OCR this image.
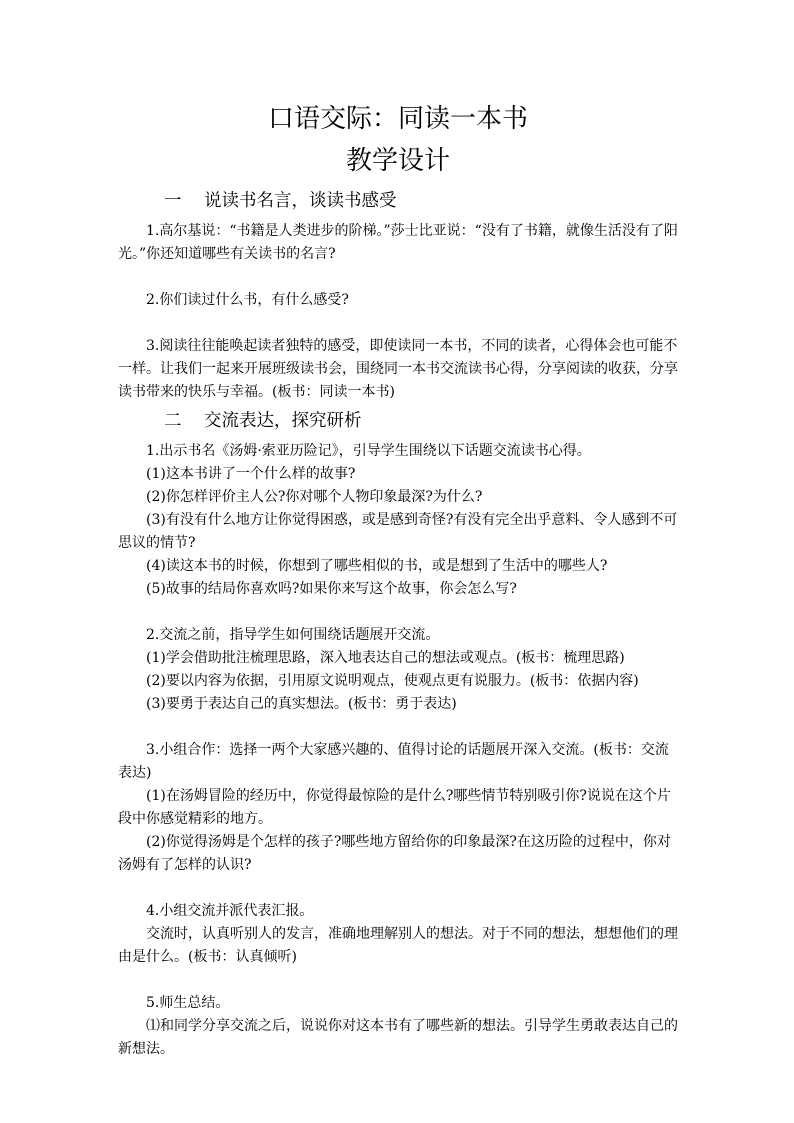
口语交际：同读一本书
教学设计
一 说读书名言，谈读书感受

1.高尔基说：“书籍是人类进步的阶梯。”莎士比亚说：“没有了书籍，就像生活没有了阳光。”你还知道哪些有关读书的名言?

2.你们读过什么书，有什么感受?

3.阅读往往能唤起读者独特的感受，即使读同一本书，不同的读者，心得体会也可能不一样。让我们一起来开展班级读书会，围绕同一本书交流读书心得，分享阅读的收获，分享读书带来的快乐与幸福。(板书：同读一本书)

二 交流表达，探究研析

1.出示书名《汤姆·索亚历险记》，引导学生围绕以下话题交流读书心得。

(1)这本书讲了一个什么样的故事?

(2)你怎样评价主人公?你对哪个人物印象最深?为什么?

(3)有没有什么地方让你觉得困惑，或是感到奇怪?有没有完全出乎意料、令人感到不可思议的情节?

(4)读这本书的时候，你想到了哪些相似的书，或是想到了生活中的哪些人?

(5)故事的结局你喜欢吗?如果你来写这个故事，你会怎么写?

2.交流之前，指导学生如何围绕话题展开交流。

(1)学会借助批注梳理思路，深入地表达自己的想法或观点。(板书：梳理思路)

(2)要以内容为依据，引用原文说明观点，使观点更有说服力。(板书：依据内容)

(3)要勇于表达自己的真实想法。(板书：勇于表达)

3.小组合作：选择一两个大家感兴趣的、值得讨论的话题展开深入交流。(板书：交流表达)

(1)在汤姆冒险的经历中，你觉得最惊险的是什么?哪些情节特别吸引你?说说在这个片段中你感觉精彩的地方。

(2)你觉得汤姆是个怎样的孩子?哪些地方留给你的印象最深?在这历险的过程中，你对汤姆有了怎样的认识?

4.小组交流并派代表汇报。

交流时，认真听别人的发言，准确地理解别人的想法。对于不同的想法，想想他们的理由是什么。(板书：认真倾听)

5.师生总结。

⑴和同学分享交流之后，说说你对这本书有了哪些新的想法。引导学生勇敢表达自己的新想法。
